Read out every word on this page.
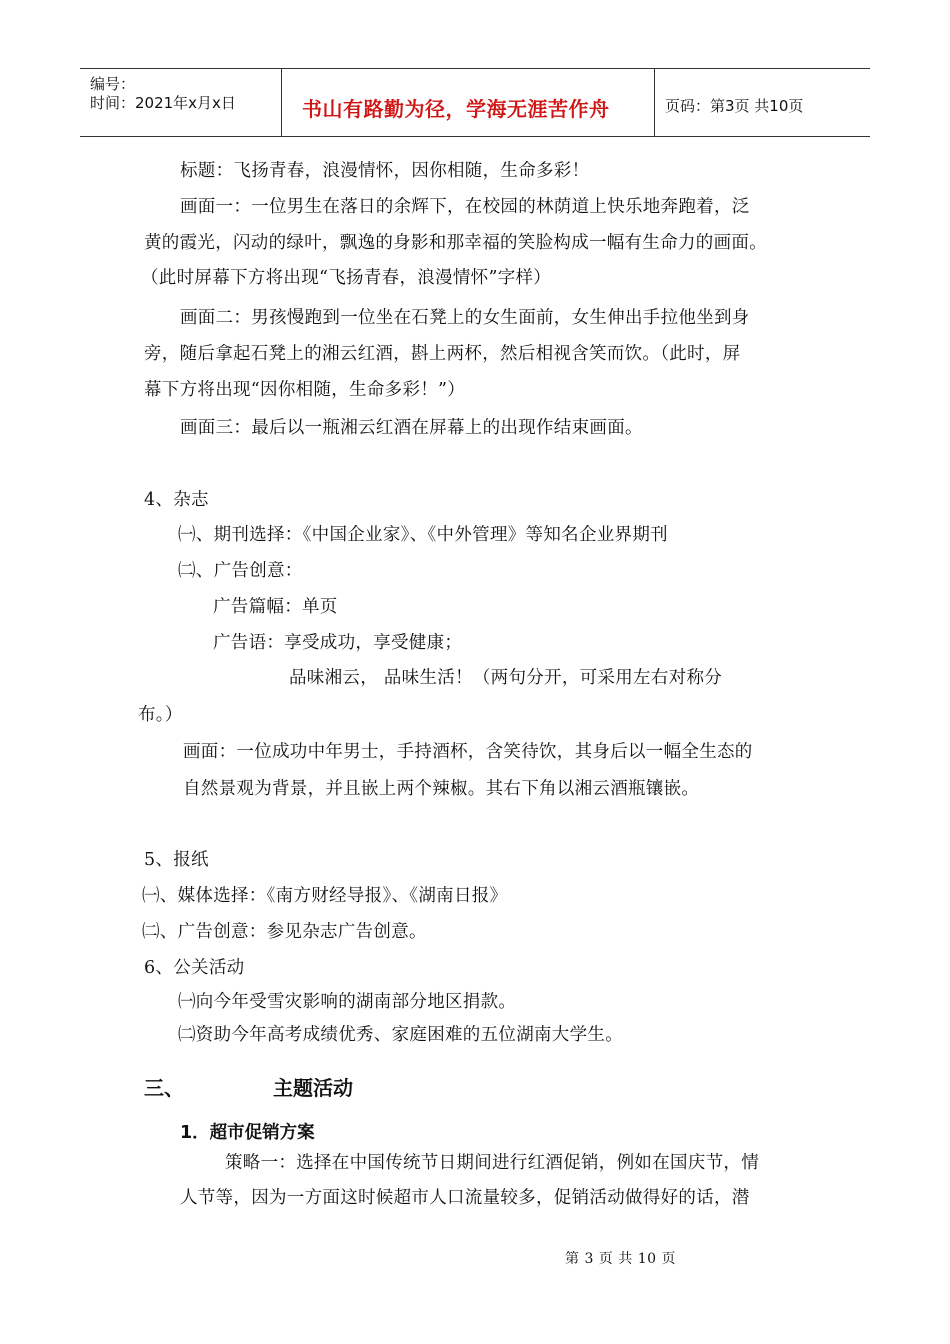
编号：
时间：2021年x月x日	书山有路勤为径，学海无涯苦作舟	页码：第3页 共10页
标题：飞扬青春，浪漫情怀，因你相随，生命多彩！
画面一：一位男生在落日的余辉下，在校园的林荫道上快乐地奔跑着，泛
黄的霞光，闪动的绿叶，飘逸的身影和那幸福的笑脸构成一幅有生命力的画面。
（此时屏幕下方将出现“飞扬青春，浪漫情怀”字样）
画面二：男孩慢跑到一位坐在石凳上的女生面前，女生伸出手拉他坐到身
旁，随后拿起石凳上的湘云红酒，斟上两杯，然后相视含笑而饮。（此时，屏
幕下方将出现“因你相随，生命多彩！”）
画面三：最后以一瓶湘云红酒在屏幕上的出现作结束画面。
4、杂志
㈠、期刊选择：《中国企业家》、《中外管理》等知名企业界期刊
㈡、广告创意：
广告篇幅：单页
广告语：享受成功，享受健康；
品味湘云， 品味生活！（两句分开，可采用左右对称分
布。）
画面：一位成功中年男士，手持酒杯，含笑待饮，其身后以一幅全生态的
自然景观为背景，并且嵌上两个辣椒。其右下角以湘云酒瓶镶嵌。
5、报纸
㈠、媒体选择：《南方财经导报》、《湖南日报》
㈡、广告创意：参见杂志广告创意。
6、公关活动
㈠向今年受雪灾影响的湖南部分地区捐款。
㈡资助今年高考成绩优秀、家庭困难的五位湖南大学生。
三、	主题活动
1．超市促销方案
策略一：选择在中国传统节日期间进行红酒促销，例如在国庆节，情
人节等，因为一方面这时候超市人口流量较多，促销活动做得好的话，潜
第 3 页 共 10 页
